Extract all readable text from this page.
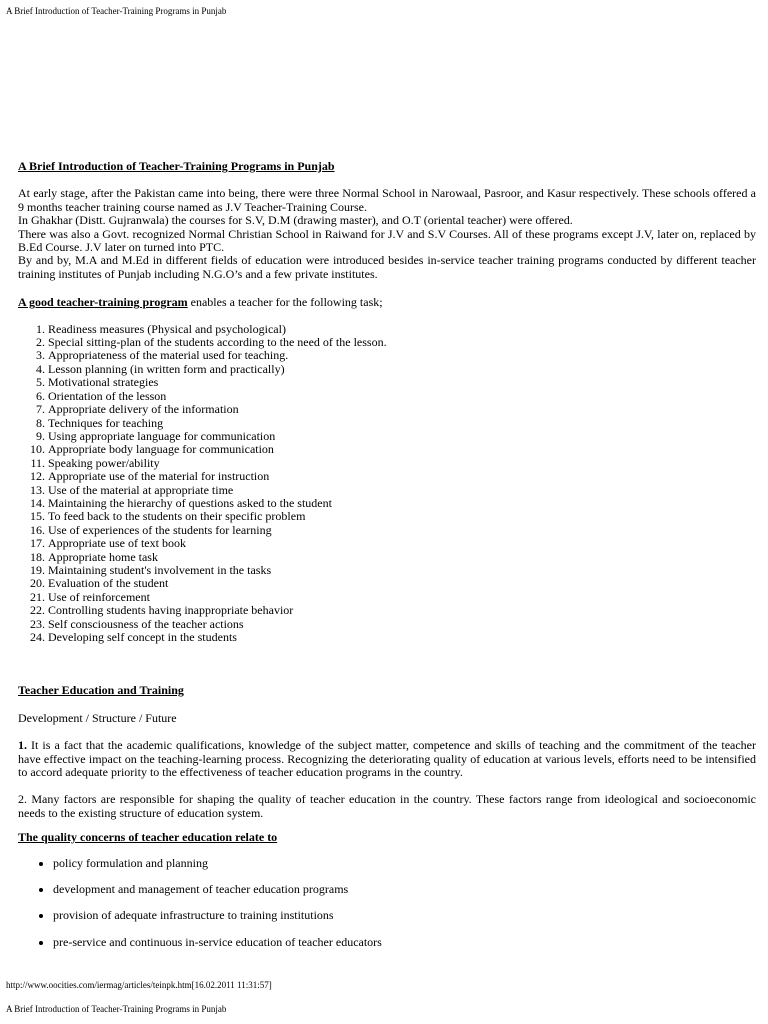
A Brief Introduction of Teacher-Training Programs in Punjab

A Brief Introduction of Teacher-Training Programs in Punjab

At early stage, after the Pakistan came into being, there were three Normal School in Narowaal, Pasroor, and Kasur respectively. These schools offered a 9 months teacher training course named as J.V Teacher-Training Course.

In Ghakhar (Distt. Gujranwala) the courses for S.V, D.M (drawing master), and O.T (oriental teacher) were offered.

There was also a Govt. recognized Normal Christian School in Raiwand for J.V and S.V Courses. All of these programs except J.V, later on, replaced by B.Ed Course. J.V later on turned into PTC.

By and by, M.A and M.Ed in different fields of education were introduced besides in-service teacher training programs conducted by different teacher training institutes of Punjab including N.G.O’s and a few private institutes.

A good teacher-training program enables a teacher for the following task;

1. Readiness measures (Physical and psychological)
2. Special sitting-plan of the students according to the need of the lesson.
3. Appropriateness of the material used for teaching.
4. Lesson planning (in written form and practically)
5. Motivational strategies
6. Orientation of the lesson
7. Appropriate delivery of the information
8. Techniques for teaching
9. Using appropriate language for communication
10. Appropriate body language for communication
11. Speaking power/ability
12. Appropriate use of the material for instruction
13. Use of the material at appropriate time
14. Maintaining the hierarchy of questions asked to the student
15. To feed back to the students on their specific problem
16. Use of experiences of the students for learning
17. Appropriate use of text book
18. Appropriate home task
19. Maintaining student's involvement in the tasks
20. Evaluation of the student
21. Use of reinforcement
22. Controlling students having inappropriate behavior
23. Self consciousness of the teacher actions
24. Developing self concept in the students

Teacher Education and Training

Development / Structure / Future

1. It is a fact that the academic qualifications, knowledge of the subject matter, competence and skills of teaching and the commitment of the teacher have effective impact on the teaching-learning process. Recognizing the deteriorating quality of education at various levels, efforts need to be intensified to accord adequate priority to the effectiveness of teacher education programs in the country.

2. Many factors are responsible for shaping the quality of teacher education in the country. These factors range from ideological and socioeconomic needs to the existing structure of education system.

The quality concerns of teacher education relate to

• policy formulation and planning
• development and management of teacher education programs
• provision of adequate infrastructure to training institutions
• pre-service and continuous in-service education of teacher educators
http://www.oocities.com/iermag/articles/teinpk.htm[16.02.2011 11:31:57]
A Brief Introduction of Teacher-Training Programs in Punjab
